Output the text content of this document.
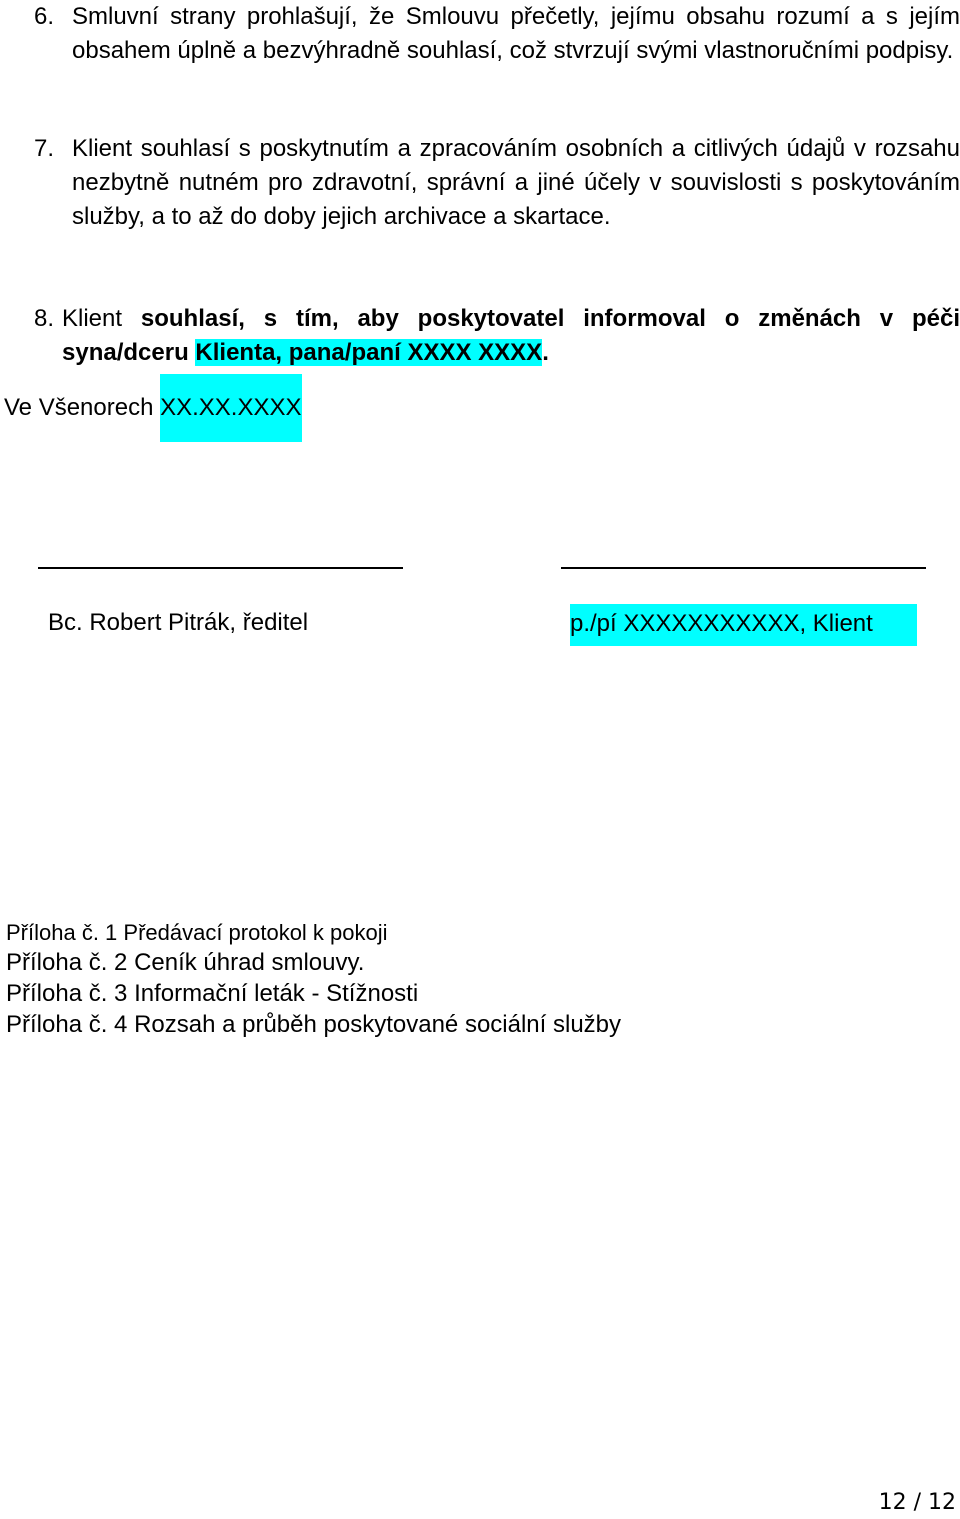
6. Smluvní strany prohlašují, že Smlouvu přečetly, jejímu obsahu rozumí a s jejím obsahem úplně a bezvýhradně souhlasí, což stvrzují svými vlastnoručními podpisy.
7. Klient souhlasí s poskytnutím a zpracováním osobních a citlivých údajů v rozsahu nezbytně nutném pro zdravotní, správní a jiné účely v souvislosti s poskytováním služby, a to až do doby jejich archivace a skartace.
8. Klient souhlasí, s tím, aby poskytovatel informoval o změnách v péči syna/dceru Klienta, pana/paní XXXX XXXX.
Ve Všenorech XX.XX.XXXX
Bc. Robert Pitrák, ředitel	p./pí XXXXXXXXXXX, Klient
Příloha č. 1 Předávací protokol k pokoji
Příloha č. 2 Ceník úhrad smlouvy.
Příloha č. 3 Informační leták - Stížnosti
Příloha č. 4 Rozsah a průběh poskytované sociální služby
12 / 12
